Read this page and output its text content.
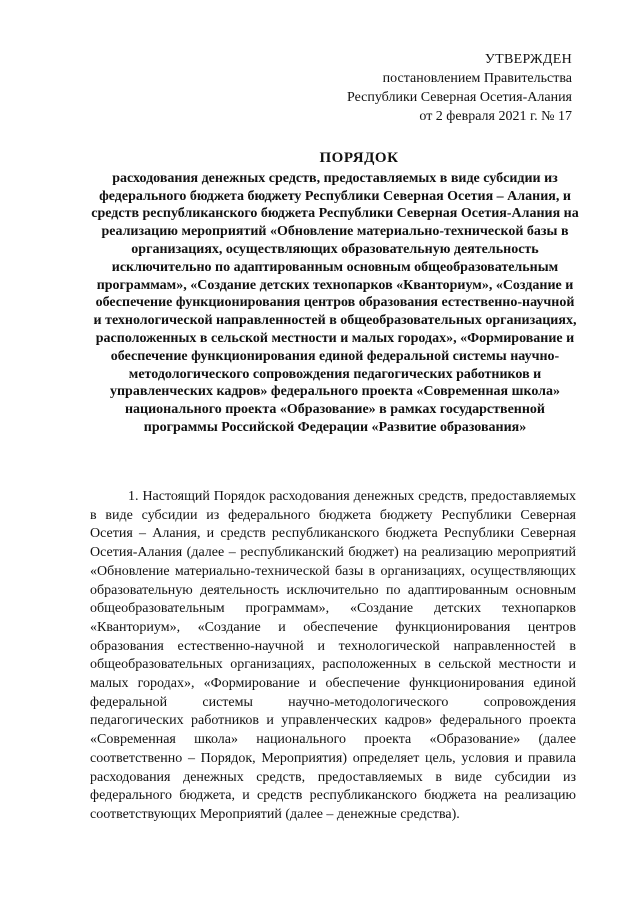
УТВЕРЖДЕН
постановлением Правительства
Республики Северная Осетия-Алания
от 2 февраля 2021 г. № 17
ПОРЯДОК

расходования денежных средств, предоставляемых в виде субсидии из федерального бюджета бюджету Республики Северная Осетия – Алания, и средств республиканского бюджета Республики Северная Осетия-Алания на реализацию мероприятий «Обновление материально-технической базы в организациях, осуществляющих образовательную деятельность исключительно по адаптированным основным общеобразовательным программам», «Создание детских технопарков «Кванториум», «Создание и обеспечение функционирования центров образования естественно-научной и технологической направленностей в общеобразовательных организациях, расположенных в сельской местности и малых городах», «Формирование и обеспечение функционирования единой федеральной системы научно-методологического сопровождения педагогических работников и управленческих кадров» федерального проекта «Современная школа» национального проекта «Образование» в рамках государственной программы Российской Федерации «Развитие образования»

1. Настоящий Порядок расходования денежных средств, предоставляемых в виде субсидии из федерального бюджета бюджету Республики Северная Осетия – Алания, и средств республиканского бюджета Республики Северная Осетия-Алания (далее – республиканский бюджет) на реализацию мероприятий «Обновление материально-технической базы в организациях, осуществляющих образовательную деятельность исключительно по адаптированным основным общеобразовательным программам», «Создание детских технопарков «Кванториум», «Создание и обеспечение функционирования центров образования естественно-научной и технологической направленностей в общеобразовательных организациях, расположенных в сельской местности и малых городах», «Формирование и обеспечение функционирования единой федеральной системы научно-методологического сопровождения педагогических работников и управленческих кадров» федерального проекта «Современная школа» национального проекта «Образование» (далее соответственно – Порядок, Мероприятия) определяет цель, условия и правила расходования денежных средств, предоставляемых в виде субсидии из федерального бюджета, и средств республиканского бюджета на реализацию соответствующих Мероприятий (далее – денежные средства).
